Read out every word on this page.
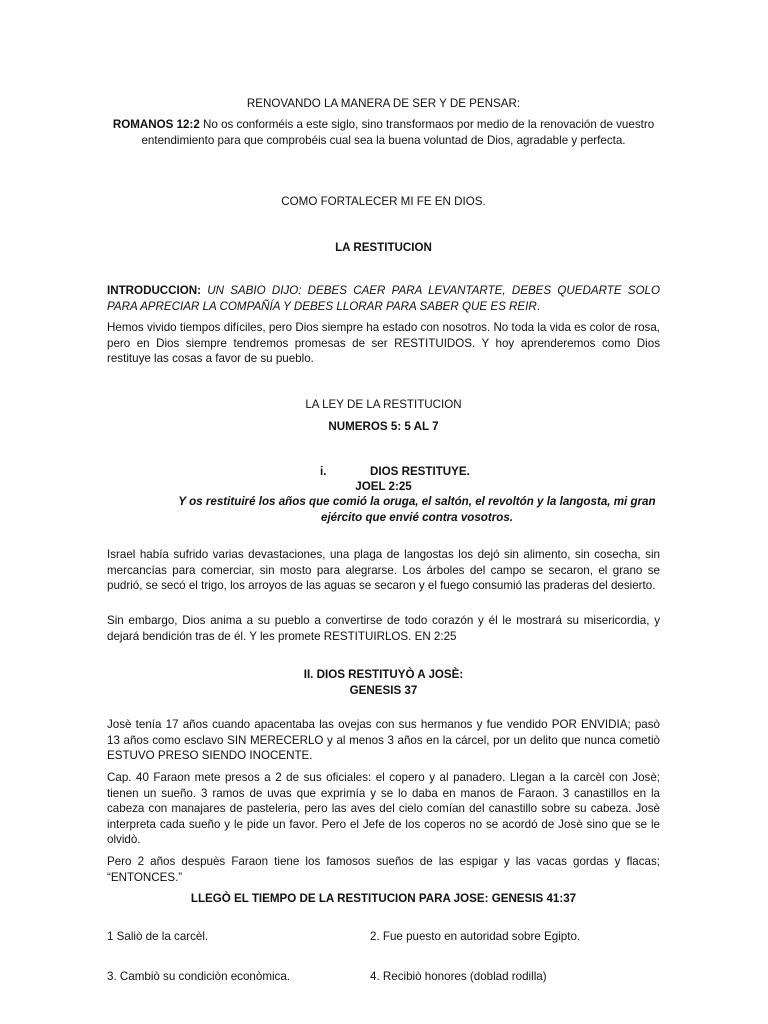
RENOVANDO LA MANERA DE SER Y DE PENSAR:

ROMANOS 12:2 No os conforméis a este siglo, sino transformaos por medio de la renovación de vuestro entendimiento para que comprobéis cual sea la buena voluntad de Dios, agradable y perfecta.

COMO FORTALECER MI FE EN DIOS.

LA RESTITUCION

INTRODUCCION: UN SABIO DIJO: DEBES CAER PARA LEVANTARTE, DEBES QUEDARTE SOLO PARA APRECIAR LA COMPAÑÍA Y DEBES LLORAR PARA SABER QUE ES REIR.

Hemos vivido tiempos difíciles, pero Dios siempre ha estado con nosotros. No toda la vida es color de rosa, pero en Dios siempre tendremos promesas de ser RESTITUIDOS. Y hoy aprenderemos como Dios restituye las cosas a favor de su pueblo.

LA LEY DE LA RESTITUCION

NUMEROS 5: 5 AL 7

i.	DIOS RESTITUYE.

JOEL 2:25

Y os restituiré los años que comió la oruga, el saltón, el revoltón y la langosta, mi gran ejército que envié contra vosotros.

Israel había sufrido varias devastaciones, una plaga de langostas los dejó sin alimento, sin cosecha, sin mercancías para comerciar, sin mosto para alegrarse. Los árboles del campo se secaron, el grano se pudrió, se secó el trigo, los arroyos de las aguas se secaron y el fuego consumió las praderas del desierto.

Sin embargo, Dios anima a su pueblo a convertirse de todo corazón y él le mostrará su misericordia, y dejará bendición tras de él. Y les promete RESTITUIRLOS. EN 2:25

II. DIOS RESTITUYÒ A JOSÈ:

GENESIS 37

Josè tenía 17 años cuando apacentaba las ovejas con sus hermanos y fue vendido POR ENVIDIA; pasò 13 años como esclavo SIN MERECERLO y al menos 3 años en la cárcel, por un delito que nunca cometiò ESTUVO PRESO SIENDO INOCENTE.

Cap. 40 Faraon mete presos a 2 de sus oficiales: el copero y al panadero. Llegan a la carcèl con Josè; tienen un sueño. 3 ramos de uvas que exprimía y se lo daba en manos de Faraon. 3 canastillos en la cabeza con manajares de pasteleria, pero las aves del cielo comían del canastillo sobre su cabeza. Josè interpreta cada sueño y le pide un favor. Pero el Jefe de los coperos no se acordó de Josè sino que se le olvidò.

Pero 2 años despuès Faraon tiene los famosos sueños de las espigar y las vacas gordas y flacas; “ENTONCES.”

LLEGÒ EL TIEMPO DE LA RESTITUCION PARA JOSE: GENESIS 41:37

1 Saliò de la carcèl.	2. Fue puesto en autoridad sobre Egipto.
3. Cambiò su condiciòn econòmica.	4. Recibiò honores (doblad rodilla)
